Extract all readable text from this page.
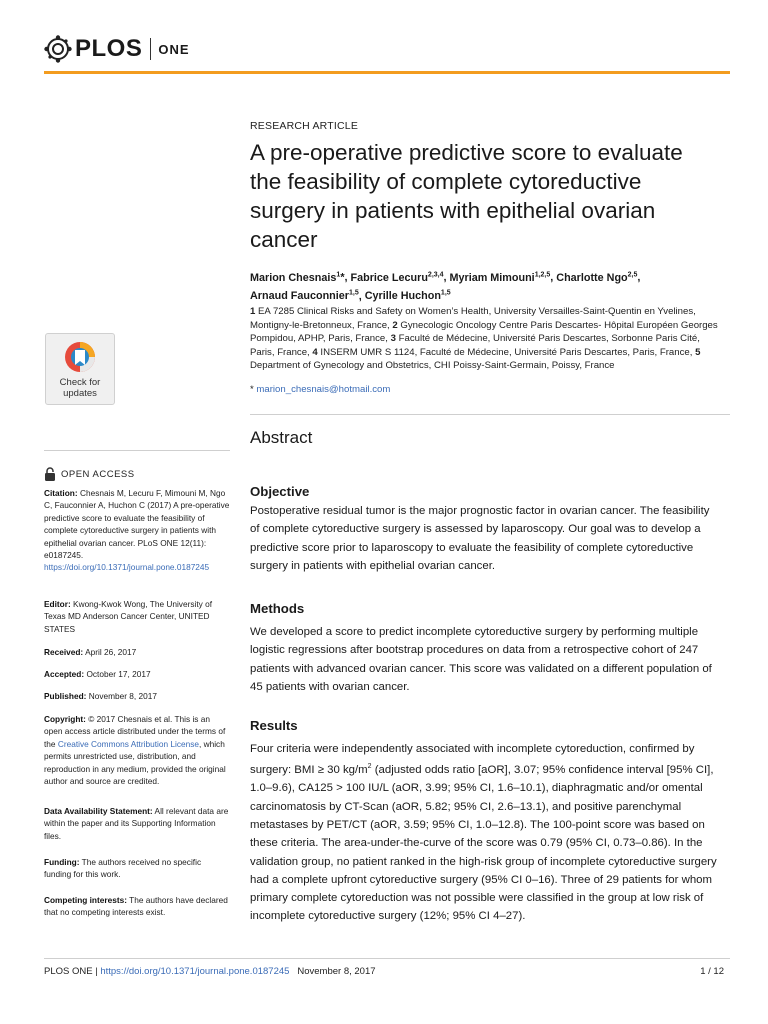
PLOS ONE
RESEARCH ARTICLE
A pre-operative predictive score to evaluate the feasibility of complete cytoreductive surgery in patients with epithelial ovarian cancer
Marion Chesnais$^1$*, Fabrice Lecuru$^{2,3,4}$, Myriam Mimouni$^{1,2,5}$, Charlotte Ngo$^{2,5}$,
Arnaud Fauconnier$^{1,5}$, Cyrille Huchon$^{1,5}$
1 EA 7285 Clinical Risks and Safety on Women’s Health, University Versailles-Saint-Quentin en Yvelines, Montigny-le-Bretonneux, France, 2 Gynecologic Oncology Centre Paris Descartes- Hôpital Européen Georges Pompidou, APHP, Paris, France, 3 Faculté de Médecine, Université Paris Descartes, Sorbonne Paris Cité, Paris, France, 4 INSERM UMR S 1124, Faculté de Médecine, Université Paris Descartes, Paris, France, 5 Department of Gynecology and Obstetrics, CHI Poissy-Saint-Germain, Poissy, France
* marion_chesnais@hotmail.com
Abstract
Objective
Postoperative residual tumor is the major prognostic factor in ovarian cancer. The feasibility of complete cytoreductive surgery is assessed by laparoscopy. Our goal was to develop a predictive score prior to laparoscopy to evaluate the feasibility of complete cytoreductive surgery in patients with epithelial ovarian cancer.
Methods
We developed a score to predict incomplete cytoreductive surgery by performing multiple logistic regressions after bootstrap procedures on data from a retrospective cohort of 247 patients with advanced ovarian cancer. This score was validated on a different population of 45 patients with ovarian cancer.
Results
Four criteria were independently associated with incomplete cytoreduction, confirmed by surgery: BMI ≥ 30 $kg/m^2$ (adjusted odds ratio [aOR], 3.07; 95% confidence interval [95% CI], 1.0–9.6), CA125 > 100 IU/L (aOR, 3.99; 95% CI, 1.6–10.1), diaphragmatic and/or omental carcinomatosis by CT-Scan (aOR, 5.82; 95% CI, 2.6–13.1), and positive parenchymal metastases by PET/CT (aOR, 3.59; 95% CI, 1.0–12.8). The 100-point score was based on these criteria. The area-under-the-curve of the score was 0.79 (95% CI, 0.73–0.86). In the validation group, no patient ranked in the high-risk group of incomplete cytoreductive surgery had a complete upfront cytoreductive surgery (95% CI 0–16). Three of 29 patients for whom primary complete cytoreduction was not possible were classified in the group at low risk of incomplete cytoreductive surgery (12%; 95% CI 4–27).
Check for
updates
OPEN ACCESS
Citation: Chesnais M, Lecuru F, Mimouni M, Ngo C, Fauconnier A, Huchon C (2017) A pre-operative predictive score to evaluate the feasibility of complete cytoreductive surgery in patients with epithelial ovarian cancer. PLoS ONE 12(11): e0187245. https://doi.org/10.1371/journal.pone.0187245
Editor: Kwong-Kwok Wong, The University of Texas MD Anderson Cancer Center, UNITED STATES
Received: April 26, 2017
Accepted: October 17, 2017
Published: November 8, 2017
Copyright: © 2017 Chesnais et al. This is an open access article distributed under the terms of the Creative Commons Attribution License, which permits unrestricted use, distribution, and reproduction in any medium, provided the original author and source are credited.
Data Availability Statement: All relevant data are within the paper and its Supporting Information files.
Funding: The authors received no specific funding for this work.
Competing interests: The authors have declared that no competing interests exist.
PLOS ONE | https://doi.org/10.1371/journal.pone.0187245 November 8, 2017	1 / 12
